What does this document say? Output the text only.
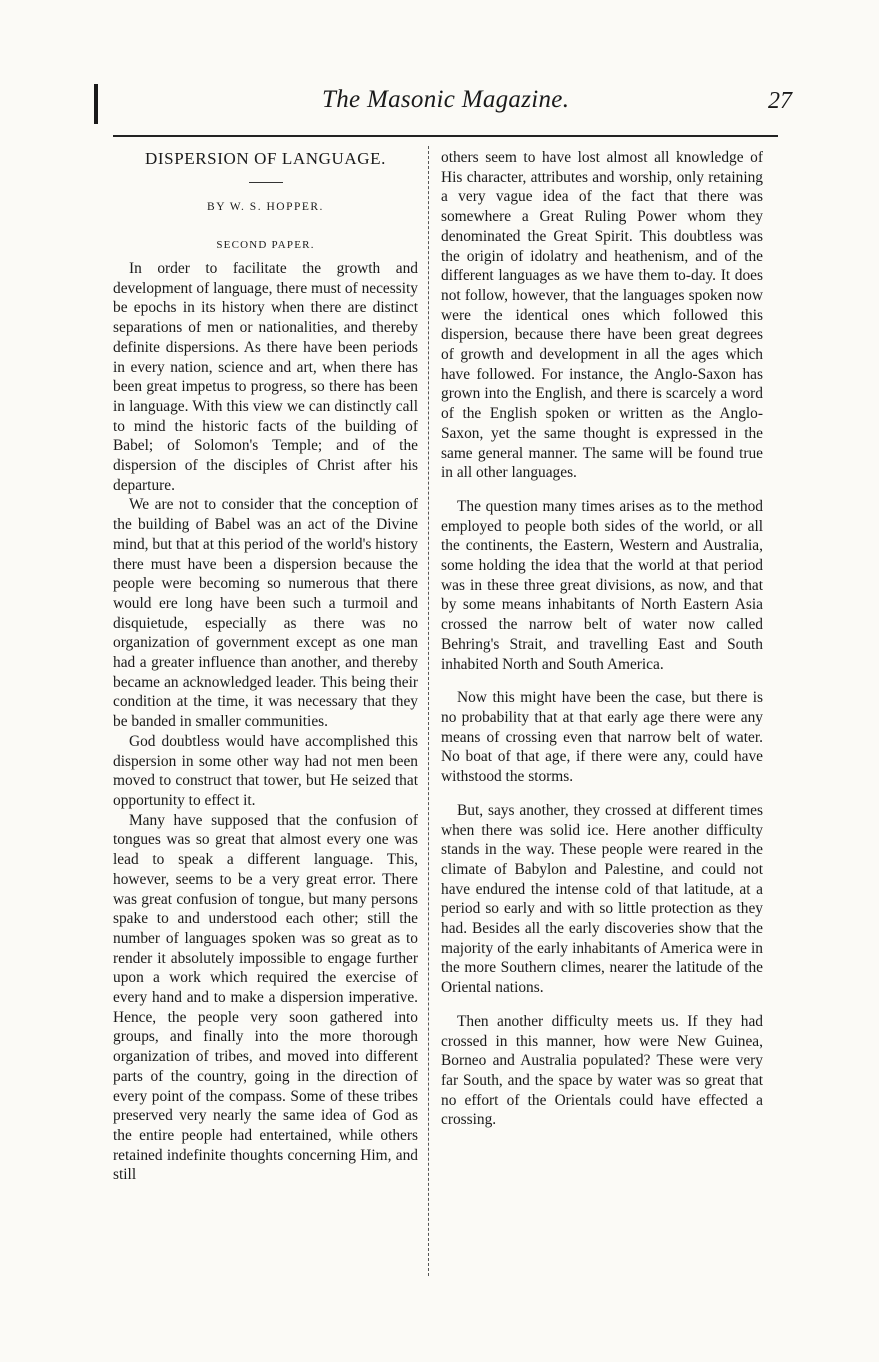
The Masonic Magazine.	27
DISPERSION OF LANGUAGE.
BY W. S. HOPPER.
SECOND PAPER.

In order to facilitate the growth and development of language, there must of necessity be epochs in its history when there are distinct separations of men or nationalities, and thereby definite dispersions. As there have been periods in every nation, science and art, when there has been great impetus to progress, so there has been in language. With this view we can distinctly call to mind the historic facts of the building of Babel; of Solomon's Temple; and of the dispersion of the disciples of Christ after his departure.

We are not to consider that the conception of the building of Babel was an act of the Divine mind, but that at this period of the world's history there must have been a dispersion because the people were becoming so numerous that there would ere long have been such a turmoil and disquietude, especially as there was no organization of government except as one man had a greater influence than another, and thereby became an acknowledged leader. This being their condition at the time, it was necessary that they be banded in smaller communities.

God doubtless would have accomplished this dispersion in some other way had not men been moved to construct that tower, but He seized that opportunity to effect it.

Many have supposed that the confusion of tongues was so great that almost every one was lead to speak a different language. This, however, seems to be a very great error. There was great confusion of tongue, but many persons spake to and understood each other; still the number of languages spoken was so great as to render it absolutely impossible to engage further upon a work which required the exercise of every hand and to make a dispersion imperative. Hence, the people very soon gathered into groups, and finally into the more thorough organization of tribes, and moved into different parts of the country, going in the direction of every point of the compass. Some of these tribes preserved very nearly the same idea of God as the entire people had entertained, while others retained indefinite thoughts concerning Him, and still

others seem to have lost almost all knowledge of His character, attributes and worship, only retaining a very vague idea of the fact that there was somewhere a Great Ruling Power whom they denominated the Great Spirit. This doubtless was the origin of idolatry and heathenism, and of the different languages as we have them to-day. It does not follow, however, that the languages spoken now were the identical ones which followed this dispersion, because there have been great degrees of growth and development in all the ages which have followed. For instance, the Anglo-Saxon has grown into the English, and there is scarcely a word of the English spoken or written as the Anglo-Saxon, yet the same thought is expressed in the same general manner. The same will be found true in all other languages.

The question many times arises as to the method employed to people both sides of the world, or all the continents, the Eastern, Western and Australia, some holding the idea that the world at that period was in these three great divisions, as now, and that by some means inhabitants of North Eastern Asia crossed the narrow belt of water now called Behring's Strait, and travelling East and South inhabited North and South America.

Now this might have been the case, but there is no probability that at that early age there were any means of crossing even that narrow belt of water. No boat of that age, if there were any, could have withstood the storms.

But, says another, they crossed at different times when there was solid ice. Here another difficulty stands in the way. These people were reared in the climate of Babylon and Palestine, and could not have endured the intense cold of that latitude, at a period so early and with so little protection as they had. Besides all the early discoveries show that the majority of the early inhabitants of America were in the more Southern climes, nearer the latitude of the Oriental nations.

Then another difficulty meets us. If they had crossed in this manner, how were New Guinea, Borneo and Australia populated? These were very far South, and the space by water was so great that no effort of the Orientals could have effected a crossing.
